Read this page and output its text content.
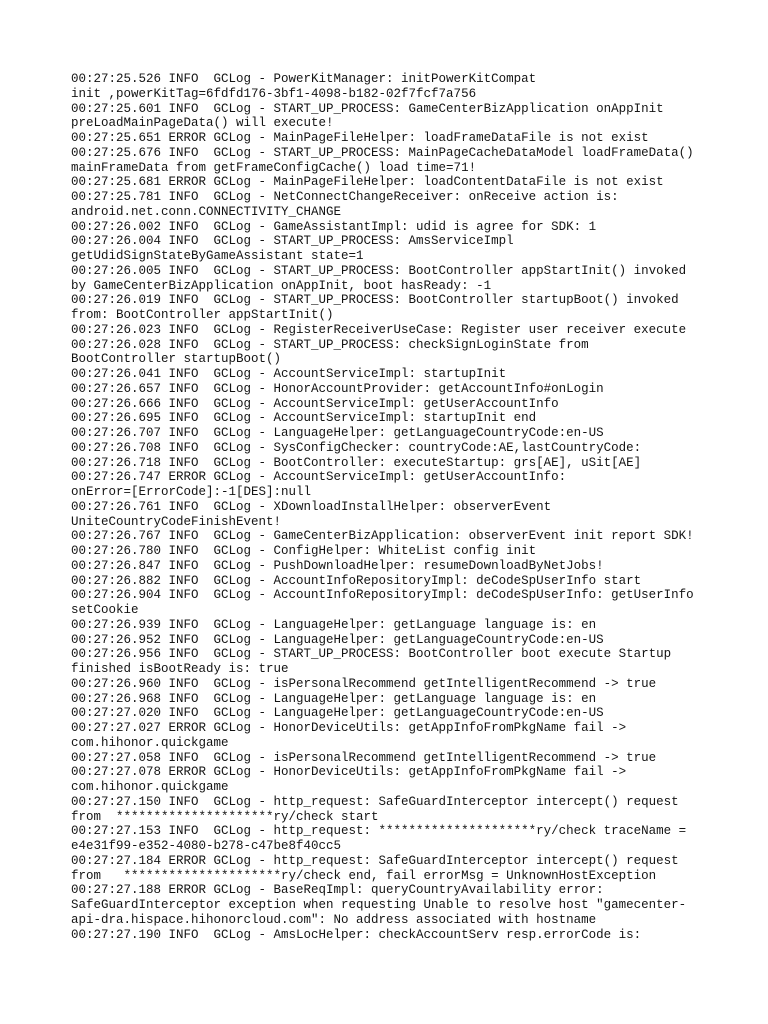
00:27:25.526 INFO  GCLog - PowerKitManager: initPowerKitCompat
init ,powerKitTag=6fdfd176-3bf1-4098-b182-02f7fcf7a756
00:27:25.601 INFO  GCLog - START_UP_PROCESS: GameCenterBizApplication onAppInit
preLoadMainPageData() will execute!
00:27:25.651 ERROR GCLog - MainPageFileHelper: loadFrameDataFile is not exist
00:27:25.676 INFO  GCLog - START_UP_PROCESS: MainPageCacheDataModel loadFrameData()
mainFrameData from getFrameConfigCache() load time=71!
00:27:25.681 ERROR GCLog - MainPageFileHelper: loadContentDataFile is not exist
00:27:25.781 INFO  GCLog - NetConnectChangeReceiver: onReceive action is:
android.net.conn.CONNECTIVITY_CHANGE
00:27:26.002 INFO  GCLog - GameAssistantImpl: udid is agree for SDK: 1
00:27:26.004 INFO  GCLog - START_UP_PROCESS: AmsServiceImpl
getUdidSignStateByGameAssistant state=1
00:27:26.005 INFO  GCLog - START_UP_PROCESS: BootController appStartInit() invoked
by GameCenterBizApplication onAppInit, boot hasReady: -1
00:27:26.019 INFO  GCLog - START_UP_PROCESS: BootController startupBoot() invoked
from: BootController appStartInit()
00:27:26.023 INFO  GCLog - RegisterReceiverUseCase: Register user receiver execute
00:27:26.028 INFO  GCLog - START_UP_PROCESS: checkSignLoginState from
BootController startupBoot()
00:27:26.041 INFO  GCLog - AccountServiceImpl: startupInit
00:27:26.657 INFO  GCLog - HonorAccountProvider: getAccountInfo#onLogin
00:27:26.666 INFO  GCLog - AccountServiceImpl: getUserAccountInfo
00:27:26.695 INFO  GCLog - AccountServiceImpl: startupInit end
00:27:26.707 INFO  GCLog - LanguageHelper: getLanguageCountryCode:en-US
00:27:26.708 INFO  GCLog - SysConfigChecker: countryCode:AE,lastCountryCode:
00:27:26.718 INFO  GCLog - BootController: executeStartup: grs[AE], uSit[AE]
00:27:26.747 ERROR GCLog - AccountServiceImpl: getUserAccountInfo:
onError=[ErrorCode]:-1[DES]:null
00:27:26.761 INFO  GCLog - XDownloadInstallHelper: observerEvent
UniteCountryCodeFinishEvent!
00:27:26.767 INFO  GCLog - GameCenterBizApplication: observerEvent init report SDK!
00:27:26.780 INFO  GCLog - ConfigHelper: WhiteList config init
00:27:26.847 INFO  GCLog - PushDownloadHelper: resumeDownloadByNetJobs!
00:27:26.882 INFO  GCLog - AccountInfoRepositoryImpl: deCodeSpUserInfo start
00:27:26.904 INFO  GCLog - AccountInfoRepositoryImpl: deCodeSpUserInfo: getUserInfo
setCookie
00:27:26.939 INFO  GCLog - LanguageHelper: getLanguage language is: en
00:27:26.952 INFO  GCLog - LanguageHelper: getLanguageCountryCode:en-US
00:27:26.956 INFO  GCLog - START_UP_PROCESS: BootController boot execute Startup
finished isBootReady is: true
00:27:26.960 INFO  GCLog - isPersonalRecommend getIntelligentRecommend -> true
00:27:26.968 INFO  GCLog - LanguageHelper: getLanguage language is: en
00:27:27.020 INFO  GCLog - LanguageHelper: getLanguageCountryCode:en-US
00:27:27.027 ERROR GCLog - HonorDeviceUtils: getAppInfoFromPkgName fail ->
com.hihonor.quickgame
00:27:27.058 INFO  GCLog - isPersonalRecommend getIntelligentRecommend -> true
00:27:27.078 ERROR GCLog - HonorDeviceUtils: getAppInfoFromPkgName fail ->
com.hihonor.quickgame
00:27:27.150 INFO  GCLog - http_request: SafeGuardInterceptor intercept() request
from  *********************ry/check start
00:27:27.153 INFO  GCLog - http_request: *********************ry/check traceName =
e4e31f99-e352-4080-b278-c47be8f40cc5
00:27:27.184 ERROR GCLog - http_request: SafeGuardInterceptor intercept() request
from   *********************ry/check end, fail errorMsg = UnknownHostException
00:27:27.188 ERROR GCLog - BaseReqImpl: queryCountryAvailability error:
SafeGuardInterceptor exception when requesting Unable to resolve host "gamecenter-
api-dra.hispace.hihonorcloud.com": No address associated with hostname
00:27:27.190 INFO  GCLog - AmsLocHelper: checkAccountServ resp.errorCode is:
